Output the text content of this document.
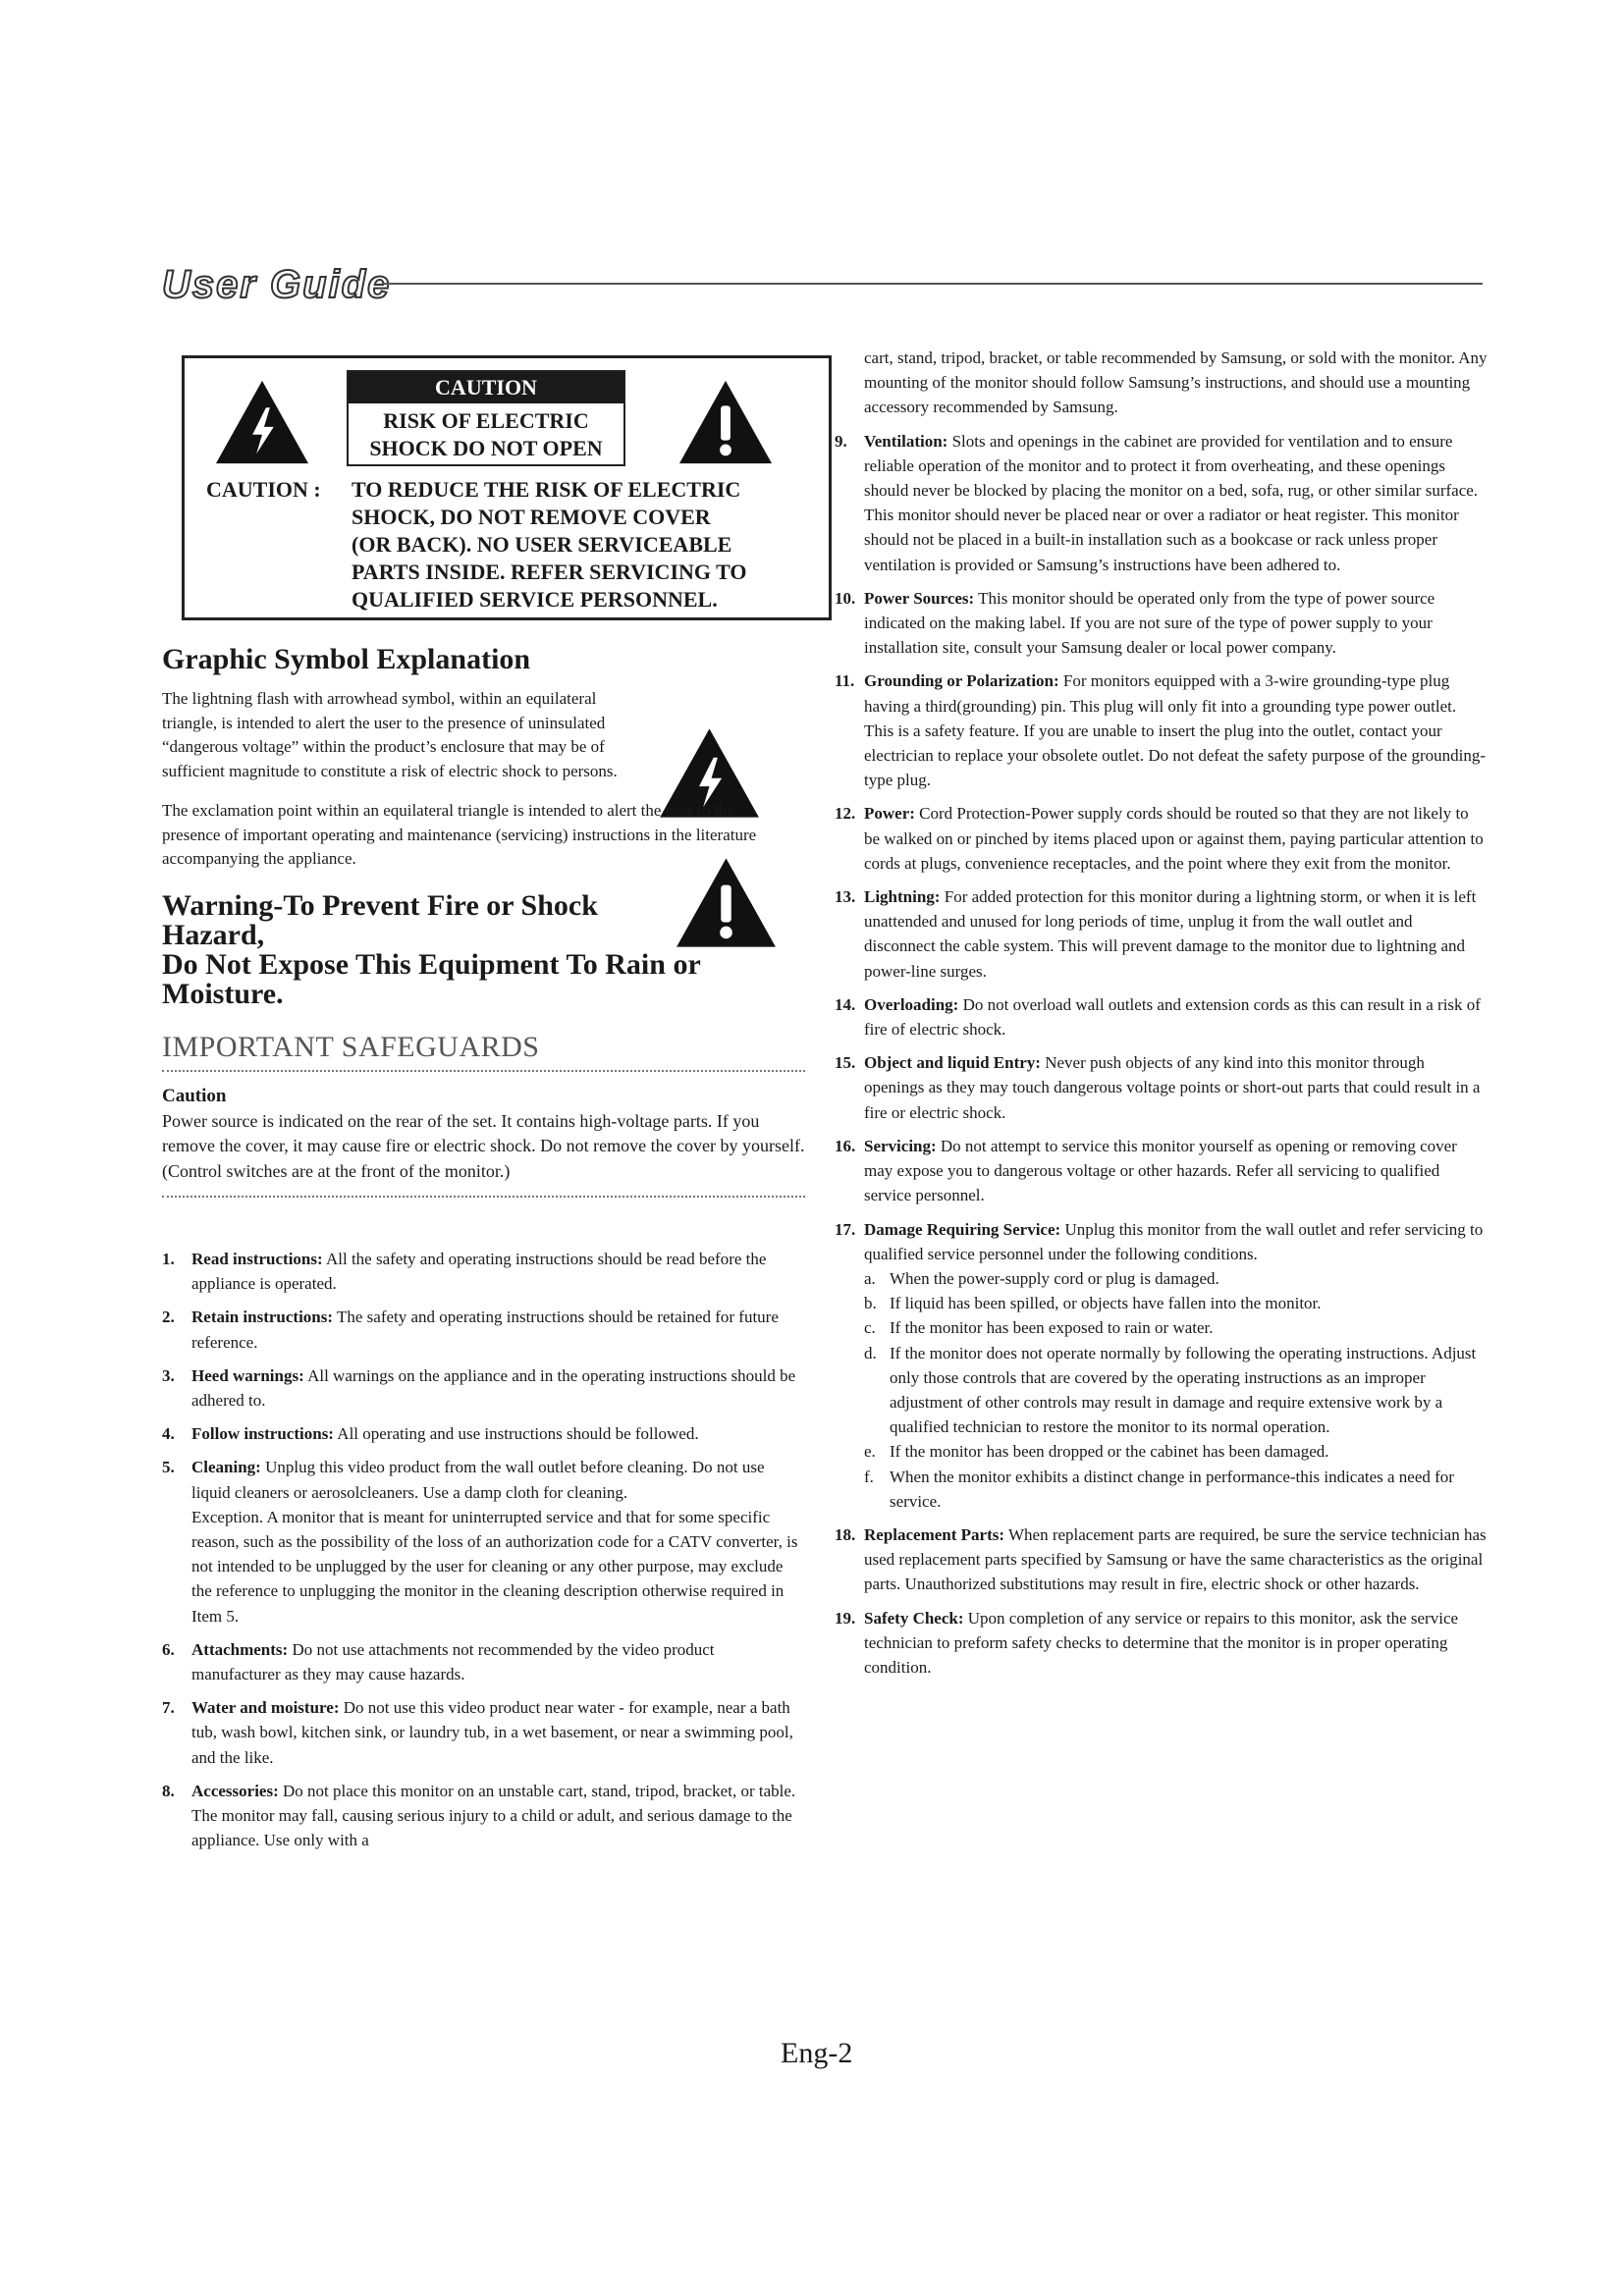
User Guide
CAUTION
RISK OF ELECTRIC
SHOCK DO NOT OPEN
CAUTION : TO REDUCE THE RISK OF ELECTRIC
SHOCK, DO NOT REMOVE COVER
(OR BACK). NO USER SERVICEABLE
PARTS INSIDE. REFER SERVICING TO
QUALIFIED SERVICE PERSONNEL.
Graphic Symbol Explanation
The lightning flash with arrowhead symbol, within an equilateral triangle, is intended to alert the user to the presence of uninsulated “dangerous voltage” within the product’s enclosure that may be of sufficient magnitude to constitute a risk of electric shock to persons.
The exclamation point within an equilateral triangle is intended to alert the user to the presence of important operating and maintenance (servicing) instructions in the literature accompanying the appliance.
Warning-To Prevent Fire or Shock
Hazard,
Do Not Expose This Equipment To Rain or
Moisture.
IMPORTANT SAFEGUARDS
Caution
Power source is indicated on the rear of the set. It contains high-voltage parts. If you remove the cover, it may cause fire or electric shock. Do not remove the cover by yourself. (Control switches are at the front of the monitor.)
1. Read instructions: All the safety and operating instructions should be read before the appliance is operated.
2. Retain instructions: The safety and operating instructions should be retained for future reference.
3. Heed warnings: All warnings on the appliance and in the operating instructions should be adhered to.
4. Follow instructions: All operating and use instructions should be followed.
5. Cleaning: Unplug this video product from the wall outlet before cleaning. Do not use liquid cleaners or aerosolcleaners. Use a damp cloth for cleaning.

Exception. A monitor that is meant for uninterrupted service and that for some specific reason, such as the possibility of the loss of an authorization code for a CATV converter, is not intended to be unplugged by the user for cleaning or any other purpose, may exclude the reference to unplugging the monitor in the cleaning description otherwise required in Item 5.

6. Attachments: Do not use attachments not recommended by the video product manufacturer as they may cause hazards.
7. Water and moisture: Do not use this video product near water - for example, near a bath tub, wash bowl, kitchen sink, or laundry tub, in a wet basement, or near a swimming pool, and the like.
8. Accessories: Do not place this monitor on an unstable cart, stand, tripod, bracket, or table. The monitor may fall, causing serious injury to a child or adult, and serious damage to the appliance. Use only with a
cart, stand, tripod, bracket, or table recommended by Samsung, or sold with the monitor. Any mounting of the monitor should follow Samsung’s instructions, and should use a mounting accessory recommended by Samsung.
9. Ventilation: Slots and openings in the cabinet are provided for ventilation and to ensure reliable operation of the monitor and to protect it from overheating, and these openings should never be blocked by placing the monitor on a bed, sofa, rug, or other similar surface. This monitor should never be placed near or over a radiator or heat register. This monitor should not be placed in a built-in installation such as a bookcase or rack unless proper ventilation is provided or Samsung’s instructions have been adhered to.
10. Power Sources: This monitor should be operated only from the type of power source indicated on the making label. If you are not sure of the type of power supply to your installation site, consult your Samsung dealer or local power company.
11. Grounding or Polarization: For monitors equipped with a 3-wire grounding-type plug having a third(grounding) pin. This plug will only fit into a grounding type power outlet. This is a safety feature. If you are unable to insert the plug into the outlet, contact your electrician to replace your obsolete outlet. Do not defeat the safety purpose of the grounding-type plug.
12. Power: Cord Protection-Power supply cords should be routed so that they are not likely to be walked on or pinched by items placed upon or against them, paying particular attention to cords at plugs, convenience receptacles, and the point where they exit from the monitor.
13. Lightning: For added protection for this monitor during a lightning storm, or when it is left unattended and unused for long periods of time, unplug it from the wall outlet and disconnect the cable system. This will prevent damage to the monitor due to lightning and power-line surges.
14. Overloading: Do not overload wall outlets and extension cords as this can result in a risk of fire of electric shock.
15. Object and liquid Entry: Never push objects of any kind into this monitor through openings as they may touch dangerous voltage points or short-out parts that could result in a fire or electric shock.
16. Servicing: Do not attempt to service this monitor yourself as opening or removing cover may expose you to dangerous voltage or other hazards. Refer all servicing to qualified service personnel.
17. Damage Requiring Service: Unplug this monitor from the wall outlet and refer servicing to qualified service personnel under the following conditions.
a. When the power-supply cord or plug is damaged.
b. If liquid has been spilled, or objects have fallen into the monitor.
c. If the monitor has been exposed to rain or water.
d. If the monitor does not operate normally by following the operating instructions. Adjust only those controls that are covered by the operating instructions as an improper adjustment of other controls may result in damage and require extensive work by a qualified technician to restore the monitor to its normal operation.
e. If the monitor has been dropped or the cabinet has been damaged.
f. When the monitor exhibits a distinct change in performance-this indicates a need for service.
18. Replacement Parts: When replacement parts are required, be sure the service technician has used replacement parts specified by Samsung or have the same characteristics as the original parts. Unauthorized substitutions may result in fire, electric shock or other hazards.
19. Safety Check: Upon completion of any service or repairs to this monitor, ask the service technician to preform safety checks to determine that the monitor is in proper operating condition.
Eng-2
